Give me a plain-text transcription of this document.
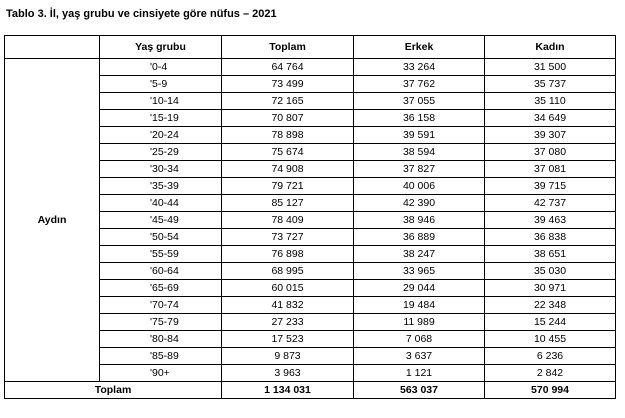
Tablo 3. İl, yaş grubu ve cinsiyete göre nüfus – 2021
	Yaş grubu	Toplam	Erkek	Kadın
Aydın	'0-4	64 764	33 264	31 500
	'5-9	73 499	37 762	35 737
	'10-14	72 165	37 055	35 110
	'15-19	70 807	36 158	34 649
	'20-24	78 898	39 591	39 307
	'25-29	75 674	38 594	37 080
	'30-34	74 908	37 827	37 081
	'35-39	79 721	40 006	39 715
	'40-44	85 127	42 390	42 737
	'45-49	78 409	38 946	39 463
	'50-54	73 727	36 889	36 838
	'55-59	76 898	38 247	38 651
	'60-64	68 995	33 965	35 030
	'65-69	60 015	29 044	30 971
	'70-74	41 832	19 484	22 348
	'75-79	27 233	11 989	15 244
	'80-84	17 523	7 068	10 455
	'85-89	9 873	3 637	6 236
	'90+	3 963	1 121	2 842
Toplam		1 134 031	563 037	570 994
